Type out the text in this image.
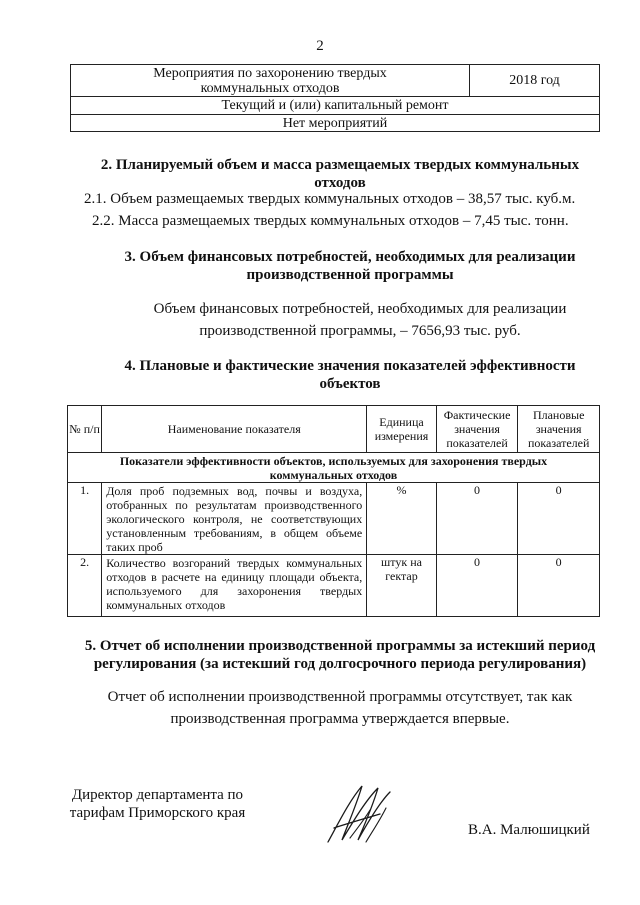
2
Мероприятия по захоронению твердых коммунальных отходов	2018 год
Текущий и (или) капитальный ремонт
Нет мероприятий
2. Планируемый объем и масса размещаемых твердых коммунальных отходов
2.1. Объем размещаемых твердых коммунальных отходов – 38,57 тыс. куб.м.
2.2. Масса размещаемых твердых коммунальных отходов – 7,45 тыс. тонн.
3. Объем финансовых потребностей, необходимых для реализации производственной программы
Объем финансовых потребностей, необходимых для реализации производственной программы, – 7656,93 тыс. руб.
4. Плановые и фактические значения показателей эффективности объектов
№ п/п	Наименование показателя	Единица измерения	Фактические значения показателей	Плановые значения показателей
Показатели эффективности объектов, используемых для захоронения твердых коммунальных отходов				
1.	Доля проб подземных вод, почвы и воздуха, отобранных по результатам производственного экологического контроля, не соответствующих установленным требованиям, в общем объеме таких проб	%	0	0
2.	Количество возгораний твердых коммунальных отходов в расчете на единицу площади объекта, используемого для захоронения твердых коммунальных отходов	штук на гектар	0	0
5. Отчет об исполнении производственной программы за истекший период регулирования (за истекший год долгосрочного периода регулирования)
Отчет об исполнении производственной программы отсутствует, так как производственная программа утверждается впервые.
Директор департамента по тарифам Приморского края
В.А. Малюшицкий
